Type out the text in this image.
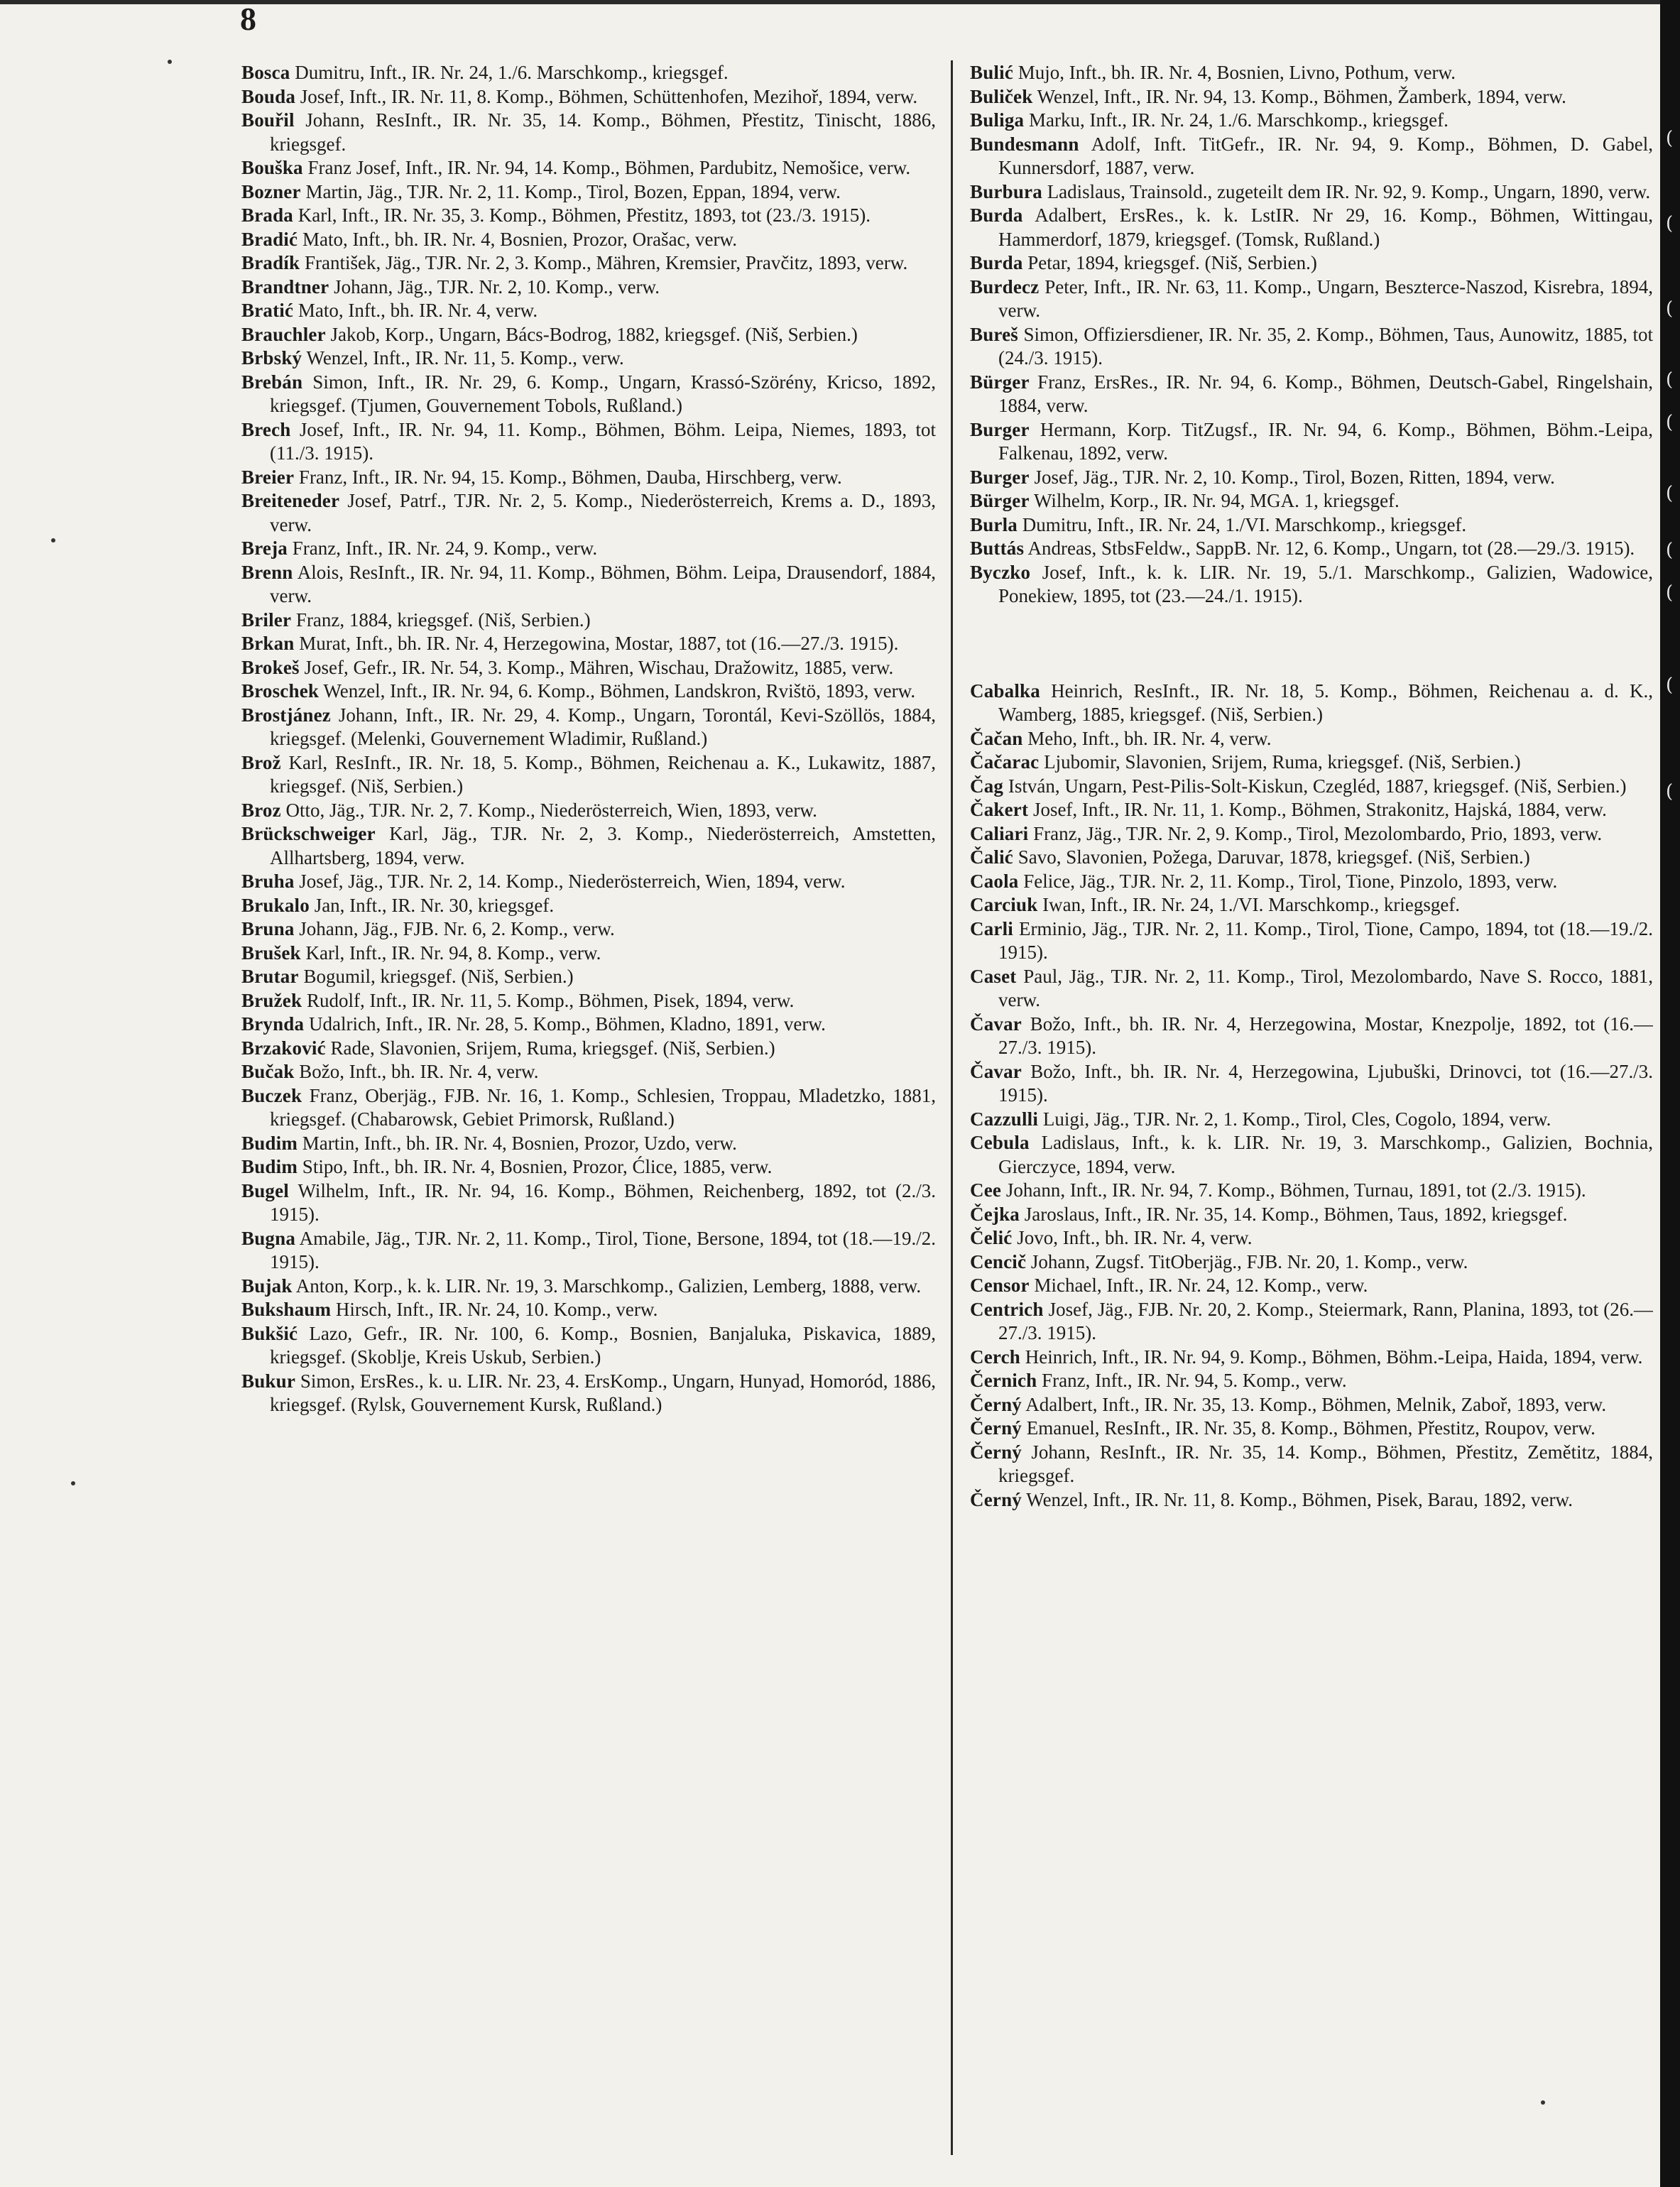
(
(
(
(
(
(
(
(
(
(
8

Bosca Dumitru, Inft., IR. Nr. 24, 1./6. Marschkomp., kriegsgef.

Bouda Josef, Inft., IR. Nr. 11, 8. Komp., Böhmen, Schüttenhofen, Mezihoř, 1894, verw.

Bouřil Johann, ResInft., IR. Nr. 35, 14. Komp., Böhmen, Přestitz, Tinischt, 1886, kriegsgef.

Bouška Franz Josef, Inft., IR. Nr. 94, 14. Komp., Böhmen, Pardubitz, Nemošice, verw.

Bozner Martin, Jäg., TJR. Nr. 2, 11. Komp., Tirol, Bozen, Eppan, 1894, verw.

Brada Karl, Inft., IR. Nr. 35, 3. Komp., Böhmen, Přestitz, 1893, tot (23./3. 1915).

Bradić Mato, Inft., bh. IR. Nr. 4, Bosnien, Prozor, Orašac, verw.

Bradík František, Jäg., TJR. Nr. 2, 3. Komp., Mähren, Kremsier, Pravčitz, 1893, verw.

Brandtner Johann, Jäg., TJR. Nr. 2, 10. Komp., verw.

Bratić Mato, Inft., bh. IR. Nr. 4, verw.

Brauchler Jakob, Korp., Ungarn, Bács-Bodrog, 1882, kriegsgef. (Niš, Serbien.)

Brbský Wenzel, Inft., IR. Nr. 11, 5. Komp., verw.

Brebán Simon, Inft., IR. Nr. 29, 6. Komp., Ungarn, Krassó-Szörény, Kricso, 1892, kriegsgef. (Tjumen, Gouvernement Tobols, Rußland.)

Brech Josef, Inft., IR. Nr. 94, 11. Komp., Böhmen, Böhm. Leipa, Niemes, 1893, tot (11./3. 1915).

Breier Franz, Inft., IR. Nr. 94, 15. Komp., Böhmen, Dauba, Hirschberg, verw.

Breiteneder Josef, Patrf., TJR. Nr. 2, 5. Komp., Niederösterreich, Krems a. D., 1893, verw.

Breja Franz, Inft., IR. Nr. 24, 9. Komp., verw.

Brenn Alois, ResInft., IR. Nr. 94, 11. Komp., Böhmen, Böhm. Leipa, Drausendorf, 1884, verw.

Briler Franz, 1884, kriegsgef. (Niš, Serbien.)

Brkan Murat, Inft., bh. IR. Nr. 4, Herzegowina, Mostar, 1887, tot (16.—27./3. 1915).

Brokeš Josef, Gefr., IR. Nr. 54, 3. Komp., Mähren, Wischau, Dražowitz, 1885, verw.

Broschek Wenzel, Inft., IR. Nr. 94, 6. Komp., Böhmen, Landskron, Rvištö, 1893, verw.

Brostjánez Johann, Inft., IR. Nr. 29, 4. Komp., Ungarn, Torontál, Kevi-Szöllös, 1884, kriegsgef. (Melenki, Gouvernement Wladimir, Rußland.)

Brož Karl, ResInft., IR. Nr. 18, 5. Komp., Böhmen, Reichenau a. K., Lukawitz, 1887, kriegsgef. (Niš, Serbien.)

Broz Otto, Jäg., TJR. Nr. 2, 7. Komp., Niederösterreich, Wien, 1893, verw.

Brückschweiger Karl, Jäg., TJR. Nr. 2, 3. Komp., Niederösterreich, Amstetten, Allhartsberg, 1894, verw.

Bruha Josef, Jäg., TJR. Nr. 2, 14. Komp., Niederösterreich, Wien, 1894, verw.

Brukalo Jan, Inft., IR. Nr. 30, kriegsgef.

Bruna Johann, Jäg., FJB. Nr. 6, 2. Komp., verw.

Brušek Karl, Inft., IR. Nr. 94, 8. Komp., verw.

Brutar Bogumil, kriegsgef. (Niš, Serbien.)

Bružek Rudolf, Inft., IR. Nr. 11, 5. Komp., Böhmen, Pisek, 1894, verw.

Brynda Udalrich, Inft., IR. Nr. 28, 5. Komp., Böhmen, Kladno, 1891, verw.

Brzaković Rade, Slavonien, Srijem, Ruma, kriegsgef. (Niš, Serbien.)

Bučak Božo, Inft., bh. IR. Nr. 4, verw.

Buczek Franz, Oberjäg., FJB. Nr. 16, 1. Komp., Schlesien, Troppau, Mladetzko, 1881, kriegsgef. (Chabarowsk, Gebiet Primorsk, Rußland.)

Budim Martin, Inft., bh. IR. Nr. 4, Bosnien, Prozor, Uzdo, verw.

Budim Stipo, Inft., bh. IR. Nr. 4, Bosnien, Prozor, Ćlice, 1885, verw.

Bugel Wilhelm, Inft., IR. Nr. 94, 16. Komp., Böhmen, Reichenberg, 1892, tot (2./3. 1915).

Bugna Amabile, Jäg., TJR. Nr. 2, 11. Komp., Tirol, Tione, Bersone, 1894, tot (18.—19./2. 1915).

Bujak Anton, Korp., k. k. LIR. Nr. 19, 3. Marschkomp., Galizien, Lemberg, 1888, verw.

Bukshaum Hirsch, Inft., IR. Nr. 24, 10. Komp., verw.

Bukšić Lazo, Gefr., IR. Nr. 100, 6. Komp., Bosnien, Banjaluka, Piskavica, 1889, kriegsgef. (Skoblje, Kreis Uskub, Serbien.)

Bukur Simon, ErsRes., k. u. LIR. Nr. 23, 4. ErsKomp., Ungarn, Hunyad, Homoród, 1886, kriegsgef. (Rylsk, Gouvernement Kursk, Rußland.)

Bulić Mujo, Inft., bh. IR. Nr. 4, Bosnien, Livno, Pothum, verw.

Buliček Wenzel, Inft., IR. Nr. 94, 13. Komp., Böhmen, Žamberk, 1894, verw.

Buliga Marku, Inft., IR. Nr. 24, 1./6. Marschkomp., kriegsgef.

Bundesmann Adolf, Inft. TitGefr., IR. Nr. 94, 9. Komp., Böhmen, D. Gabel, Kunnersdorf, 1887, verw.

Burbura Ladislaus, Trainsold., zugeteilt dem IR. Nr. 92, 9. Komp., Ungarn, 1890, verw.

Burda Adalbert, ErsRes., k. k. LstIR. Nr 29, 16. Komp., Böhmen, Wittingau, Hammerdorf, 1879, kriegsgef. (Tomsk, Rußland.)

Burda Petar, 1894, kriegsgef. (Niš, Serbien.)

Burdecz Peter, Inft., IR. Nr. 63, 11. Komp., Ungarn, Beszterce-Naszod, Kisrebra, 1894, verw.

Bureš Simon, Offiziersdiener, IR. Nr. 35, 2. Komp., Böhmen, Taus, Aunowitz, 1885, tot (24./3. 1915).

Bürger Franz, ErsRes., IR. Nr. 94, 6. Komp., Böhmen, Deutsch-Gabel, Ringelshain, 1884, verw.

Burger Hermann, Korp. TitZugsf., IR. Nr. 94, 6. Komp., Böhmen, Böhm.-Leipa, Falkenau, 1892, verw.

Burger Josef, Jäg., TJR. Nr. 2, 10. Komp., Tirol, Bozen, Ritten, 1894, verw.

Bürger Wilhelm, Korp., IR. Nr. 94, MGA. 1, kriegsgef.

Burla Dumitru, Inft., IR. Nr. 24, 1./VI. Marschkomp., kriegsgef.

Buttás Andreas, StbsFeldw., SappB. Nr. 12, 6. Komp., Ungarn, tot (28.—29./3. 1915).

Byczko Josef, Inft., k. k. LIR. Nr. 19, 5./1. Marschkomp., Galizien, Wadowice, Ponekiew, 1895, tot (23.—24./1. 1915).

Cabalka Heinrich, ResInft., IR. Nr. 18, 5. Komp., Böhmen, Reichenau a. d. K., Wamberg, 1885, kriegsgef. (Niš, Serbien.)

Čačan Meho, Inft., bh. IR. Nr. 4, verw.

Čačarac Ljubomir, Slavonien, Srijem, Ruma, kriegsgef. (Niš, Serbien.)

Čag István, Ungarn, Pest-Pilis-Solt-Kiskun, Czegléd, 1887, kriegsgef. (Niš, Serbien.)

Čakert Josef, Inft., IR. Nr. 11, 1. Komp., Böhmen, Strakonitz, Hajská, 1884, verw.

Caliari Franz, Jäg., TJR. Nr. 2, 9. Komp., Tirol, Mezolombardo, Prio, 1893, verw.

Čalić Savo, Slavonien, Požega, Daruvar, 1878, kriegsgef. (Niš, Serbien.)

Caola Felice, Jäg., TJR. Nr. 2, 11. Komp., Tirol, Tione, Pinzolo, 1893, verw.

Carciuk Iwan, Inft., IR. Nr. 24, 1./VI. Marschkomp., kriegsgef.

Carli Erminio, Jäg., TJR. Nr. 2, 11. Komp., Tirol, Tione, Campo, 1894, tot (18.—19./2. 1915).

Caset Paul, Jäg., TJR. Nr. 2, 11. Komp., Tirol, Mezolombardo, Nave S. Rocco, 1881, verw.

Čavar Božo, Inft., bh. IR. Nr. 4, Herzegowina, Mostar, Knezpolje, 1892, tot (16.—27./3. 1915).

Čavar Božo, Inft., bh. IR. Nr. 4, Herzegowina, Ljubuški, Drinovci, tot (16.—27./3. 1915).

Cazzulli Luigi, Jäg., TJR. Nr. 2, 1. Komp., Tirol, Cles, Cogolo, 1894, verw.

Cebula Ladislaus, Inft., k. k. LIR. Nr. 19, 3. Marschkomp., Galizien, Bochnia, Gierczyce, 1894, verw.

Cee Johann, Inft., IR. Nr. 94, 7. Komp., Böhmen, Turnau, 1891, tot (2./3. 1915).

Čejka Jaroslaus, Inft., IR. Nr. 35, 14. Komp., Böhmen, Taus, 1892, kriegsgef.

Čelić Jovo, Inft., bh. IR. Nr. 4, verw.

Cencič Johann, Zugsf. TitOberjäg., FJB. Nr. 20, 1. Komp., verw.

Censor Michael, Inft., IR. Nr. 24, 12. Komp., verw.

Centrich Josef, Jäg., FJB. Nr. 20, 2. Komp., Steiermark, Rann, Planina, 1893, tot (26.—27./3. 1915).

Cerch Heinrich, Inft., IR. Nr. 94, 9. Komp., Böhmen, Böhm.-Leipa, Haida, 1894, verw.

Černich Franz, Inft., IR. Nr. 94, 5. Komp., verw.

Černý Adalbert, Inft., IR. Nr. 35, 13. Komp., Böhmen, Melnik, Zaboř, 1893, verw.

Černý Emanuel, ResInft., IR. Nr. 35, 8. Komp., Böhmen, Přestitz, Roupov, verw.

Černý Johann, ResInft., IR. Nr. 35, 14. Komp., Böhmen, Přestitz, Zemětitz, 1884, kriegsgef.

Černý Wenzel, Inft., IR. Nr. 11, 8. Komp., Böhmen, Pisek, Barau, 1892, verw.
